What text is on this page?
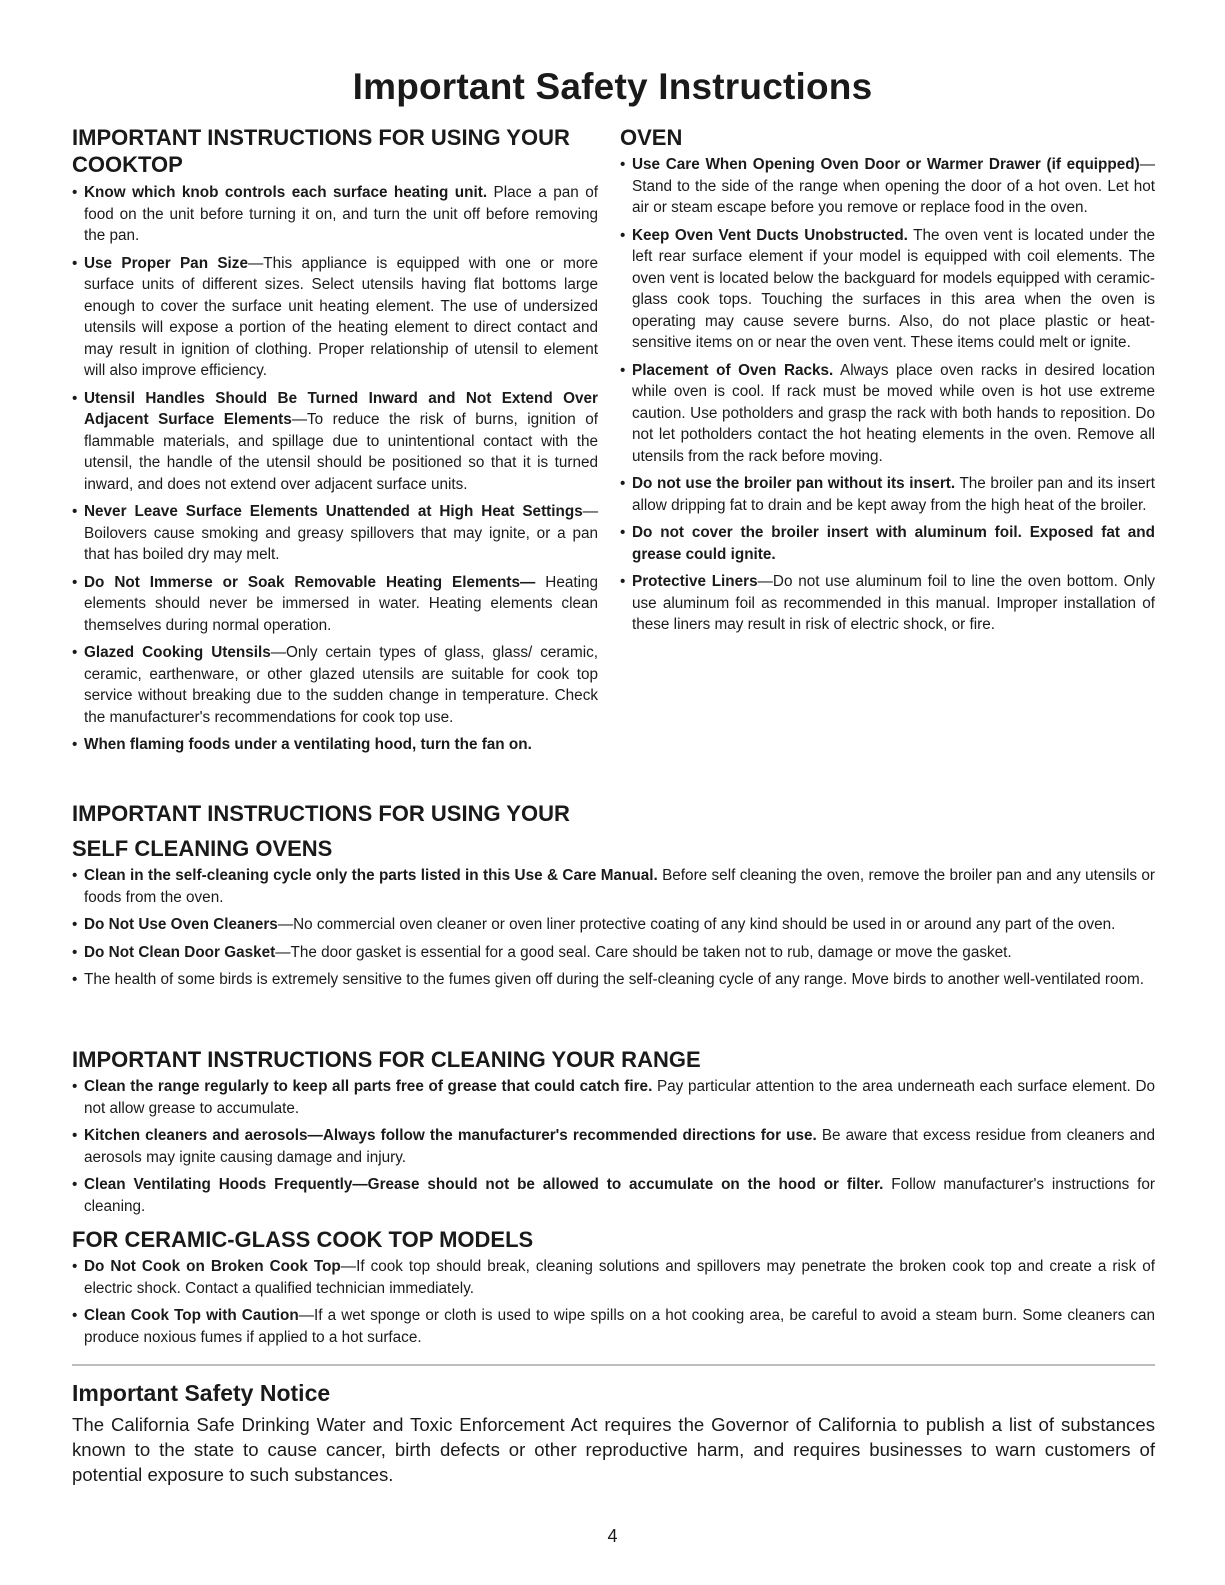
Important Safety Instructions
IMPORTANT INSTRUCTIONS FOR USING YOUR COOKTOP
• Know which knob controls each surface heating unit. Place a pan of food on the unit before turning it on, and turn the unit off before removing the pan.
• Use Proper Pan Size—This appliance is equipped with one or more surface units of different sizes. Select utensils having flat bottoms large enough to cover the surface unit heating element. The use of undersized utensils will expose a portion of the heating element to direct contact and may result in ignition of clothing. Proper relationship of utensil to element will also improve efficiency.
• Utensil Handles Should Be Turned Inward and Not Extend Over Adjacent Surface Elements—To reduce the risk of burns, ignition of flammable materials, and spillage due to unintentional contact with the utensil, the handle of the utensil should be positioned so that it is turned inward, and does not extend over adjacent surface units.
• Never Leave Surface Elements Unattended at High Heat Settings—Boilovers cause smoking and greasy spillovers that may ignite, or a pan that has boiled dry may melt.
• Do Not Immerse or Soak Removable Heating Elements— Heating elements should never be immersed in water. Heating elements clean themselves during normal operation.
• Glazed Cooking Utensils—Only certain types of glass, glass/ ceramic, ceramic, earthenware, or other glazed utensils are suitable for cook top service without breaking due to the sudden change in temperature. Check the manufacturer's recommendations for cook top use.
• When flaming foods under a ventilating hood, turn the fan on.
OVEN
• Use Care When Opening Oven Door or Warmer Drawer (if equipped)—Stand to the side of the range when opening the door of a hot oven. Let hot air or steam escape before you remove or replace food in the oven.
• Keep Oven Vent Ducts Unobstructed. The oven vent is located under the left rear surface element if your model is equipped with coil elements. The oven vent is located below the backguard for models equipped with ceramic-glass cook tops. Touching the surfaces in this area when the oven is operating may cause severe burns. Also, do not place plastic or heat-sensitive items on or near the oven vent. These items could melt or ignite.
• Placement of Oven Racks. Always place oven racks in desired location while oven is cool. If rack must be moved while oven is hot use extreme caution. Use potholders and grasp the rack with both hands to reposition. Do not let potholders contact the hot heating elements in the oven. Remove all utensils from the rack before moving.
• Do not use the broiler pan without its insert. The broiler pan and its insert allow dripping fat to drain and be kept away from the high heat of the broiler.
• Do not cover the broiler insert with aluminum foil. Exposed fat and grease could ignite.
• Protective Liners—Do not use aluminum foil to line the oven bottom. Only use aluminum foil as recommended in this manual. Improper installation of these liners may result in risk of electric shock, or fire.
IMPORTANT INSTRUCTIONS FOR USING YOUR
SELF CLEANING OVENS
• Clean in the self-cleaning cycle only the parts listed in this Use & Care Manual. Before self cleaning the oven, remove the broiler pan and any utensils or foods from the oven.
• Do Not Use Oven Cleaners—No commercial oven cleaner or oven liner protective coating of any kind should be used in or around any part of the oven.
• Do Not Clean Door Gasket—The door gasket is essential for a good seal. Care should be taken not to rub, damage or move the gasket.
• The health of some birds is extremely sensitive to the fumes given off during the self-cleaning cycle of any range. Move birds to another well-ventilated room.
IMPORTANT INSTRUCTIONS FOR CLEANING YOUR RANGE
• Clean the range regularly to keep all parts free of grease that could catch fire. Pay particular attention to the area underneath each surface element. Do not allow grease to accumulate.
• Kitchen cleaners and aerosols—Always follow the manufacturer's recommended directions for use. Be aware that excess residue from cleaners and aerosols may ignite causing damage and injury.
• Clean Ventilating Hoods Frequently—Grease should not be allowed to accumulate on the hood or filter. Follow manufacturer's instructions for cleaning.
FOR CERAMIC-GLASS COOK TOP MODELS
• Do Not Cook on Broken Cook Top—If cook top should break, cleaning solutions and spillovers may penetrate the broken cook top and create a risk of electric shock. Contact a qualified technician immediately.
• Clean Cook Top with Caution—If a wet sponge or cloth is used to wipe spills on a hot cooking area, be careful to avoid a steam burn. Some cleaners can produce noxious fumes if applied to a hot surface.
Important Safety Notice
The California Safe Drinking Water and Toxic Enforcement Act requires the Governor of California to publish a list of substances known to the state to cause cancer, birth defects or other reproductive harm, and requires businesses to warn customers of potential exposure to such substances.
4
